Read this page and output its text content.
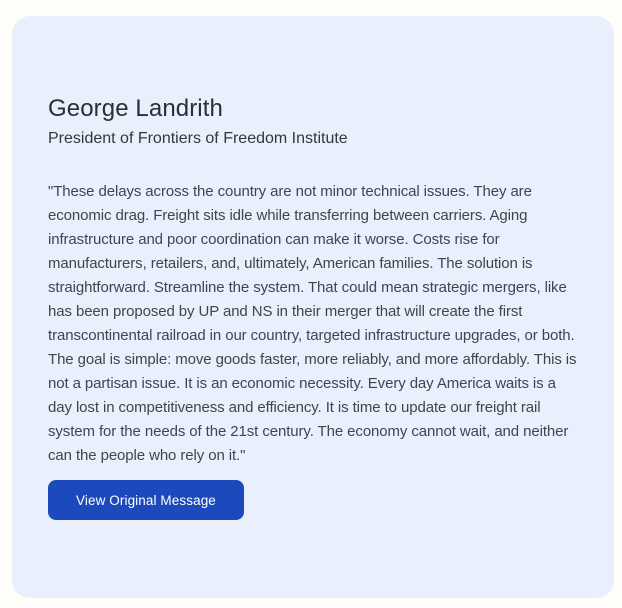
George Landrith
President of Frontiers of Freedom Institute

"These delays across the country are not minor technical issues. They are economic drag. Freight sits idle while transferring between carriers. Aging infrastructure and poor coordination can make it worse. Costs rise for manufacturers, retailers, and, ultimately, American families. The solution is straightforward. Streamline the system. That could mean strategic mergers, like has been proposed by UP and NS in their merger that will create the first transcontinental railroad in our country, targeted infrastructure upgrades, or both. The goal is simple: move goods faster, more reliably, and more affordably. This is not a partisan issue. It is an economic necessity. Every day America waits is a day lost in competitiveness and efficiency. It is time to update our freight rail system for the needs of the 21st century. The economy cannot wait, and neither can the people who rely on it."

View Original Message
